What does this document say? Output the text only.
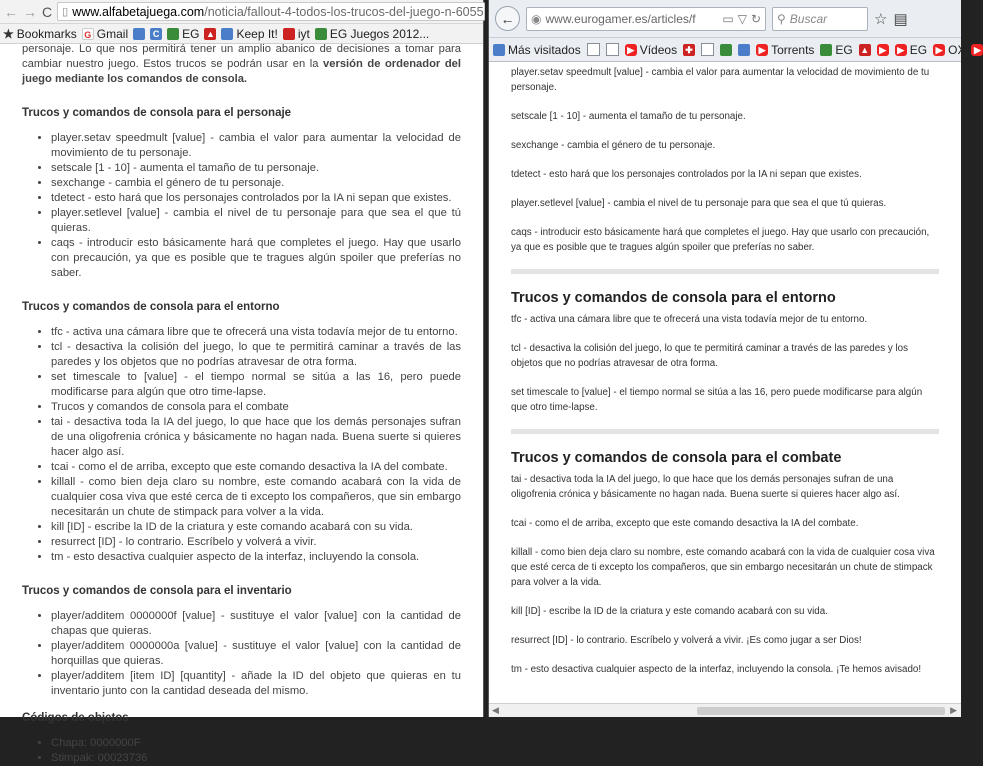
← → C ▯ www.alfabetajuega.com /noticia/fallout-4-todos-los-trucos-del-juego-n-6055
★ Bookmarks G Gmail	C EG ▲ Keep It! iyt EG Juegos 2012...

personaje. Lo que nos permitirá tener un amplio abanico de decisiones a tomar para cambiar nuestro juego. Estos trucos se podrán usar en la versión de ordenador del juego mediante los comandos de consola.

Trucos y comandos de consola para el personaje
• player.setav speedmult [value] - cambia el valor para aumentar la velocidad de movimiento de tu personaje.
• setscale [1 - 10] - aumenta el tamaño de tu personaje.
• sexchange - cambia el género de tu personaje.
• tdetect - esto hará que los personajes controlados por la IA ni sepan que existes.
• player.setlevel [value] - cambia el nivel de tu personaje para que sea el que tú quieras.
• caqs - introducir esto básicamente hará que completes el juego. Hay que usarlo con precaución, ya que es posible que te tragues algún spoiler que preferías no saber.
Trucos y comandos de consola para el entorno
• tfc - activa una cámara libre que te ofrecerá una vista todavía mejor de tu entorno.
• tcl - desactiva la colisión del juego, lo que te permitirá caminar a través de las paredes y los objetos que no podrías atravesar de otra forma.
• set timescale to [value] - el tiempo normal se sitúa a las 16, pero puede modificarse para algún que otro time-lapse.
• Trucos y comandos de consola para el combate
• tai - desactiva toda la IA del juego, lo que hace que los demás personajes sufran de una oligofrenia crónica y básicamente no hagan nada. Buena suerte si quieres hacer algo así.
• tcai - como el de arriba, excepto que este comando desactiva la IA del combate.
• killall - como bien deja claro su nombre, este comando acabará con la vida de cualquier cosa viva que esté cerca de ti excepto los compañeros, que sin embargo necesitarán un chute de stimpack para volver a la vida.
• kill [ID] - escribe la ID de la criatura y este comando acabará con su vida.
• resurrect [ID] - lo contrario. Escríbelo y volverá a vivir.
• tm - esto desactiva cualquier aspecto de la interfaz, incluyendo la consola.
Trucos y comandos de consola para el inventario
• player/additem 0000000f [value] - sustituye el valor [value] con la cantidad de chapas que quieras.
• player/additem 0000000a [value] - sustituye el valor [value] con la cantidad de horquillas que quieras.
• player/additem [item ID] [quantity] - añade la ID del objeto que quieras en tu inventario junto con la cantidad deseada del mismo.
Códigos de objetos
• Chapa: 0000000F
• Stimpak: 00023736
←	◉ www.eurogamer.es/articles/f ▭ ▽ ↻	⚲ Buscar	☆ ▤
Más visitados	▶ Vídeos ✚	▶ Torrents EG ▲ ▶ ▶ EG ▶ OX ▶

player.setav speedmult [value] - cambia el valor para aumentar la velocidad de movimiento de tu personaje.

setscale [1 - 10] - aumenta el tamaño de tu personaje.

sexchange - cambia el género de tu personaje.

tdetect - esto hará que los personajes controlados por la IA ni sepan que existes.

player.setlevel [value] - cambia el nivel de tu personaje para que sea el que tú quieras.

caqs - introducir esto básicamente hará que completes el juego. Hay que usarlo con precaución, ya que es posible que te tragues algún spoiler que preferías no saber.

Trucos y comandos de consola para el entorno

tfc - activa una cámara libre que te ofrecerá una vista todavía mejor de tu entorno.

tcl - desactiva la colisión del juego, lo que te permitirá caminar a través de las paredes y los objetos que no podrías atravesar de otra forma.

set timescale to [value] - el tiempo normal se sitúa a las 16, pero puede modificarse para algún que otro time-lapse.

Trucos y comandos de consola para el combate

tai - desactiva toda la IA del juego, lo que hace que los demás personajes sufran de una oligofrenia crónica y básicamente no hagan nada. Buena suerte si quieres hacer algo así.

tcai - como el de arriba, excepto que este comando desactiva la IA del combate.

killall - como bien deja claro su nombre, este comando acabará con la vida de cualquier cosa viva que esté cerca de ti excepto los compañeros, que sin embargo necesitarán un chute de stimpack para volver a la vida.

kill [ID] - escribe la ID de la criatura y este comando acabará con su vida.

resurrect [ID] - lo contrario. Escríbelo y volverá a vivir. ¡Es como jugar a ser Dios!

tm - esto desactiva cualquier aspecto de la interfaz, incluyendo la consola. ¡Te hemos avisado!

◀	▶
